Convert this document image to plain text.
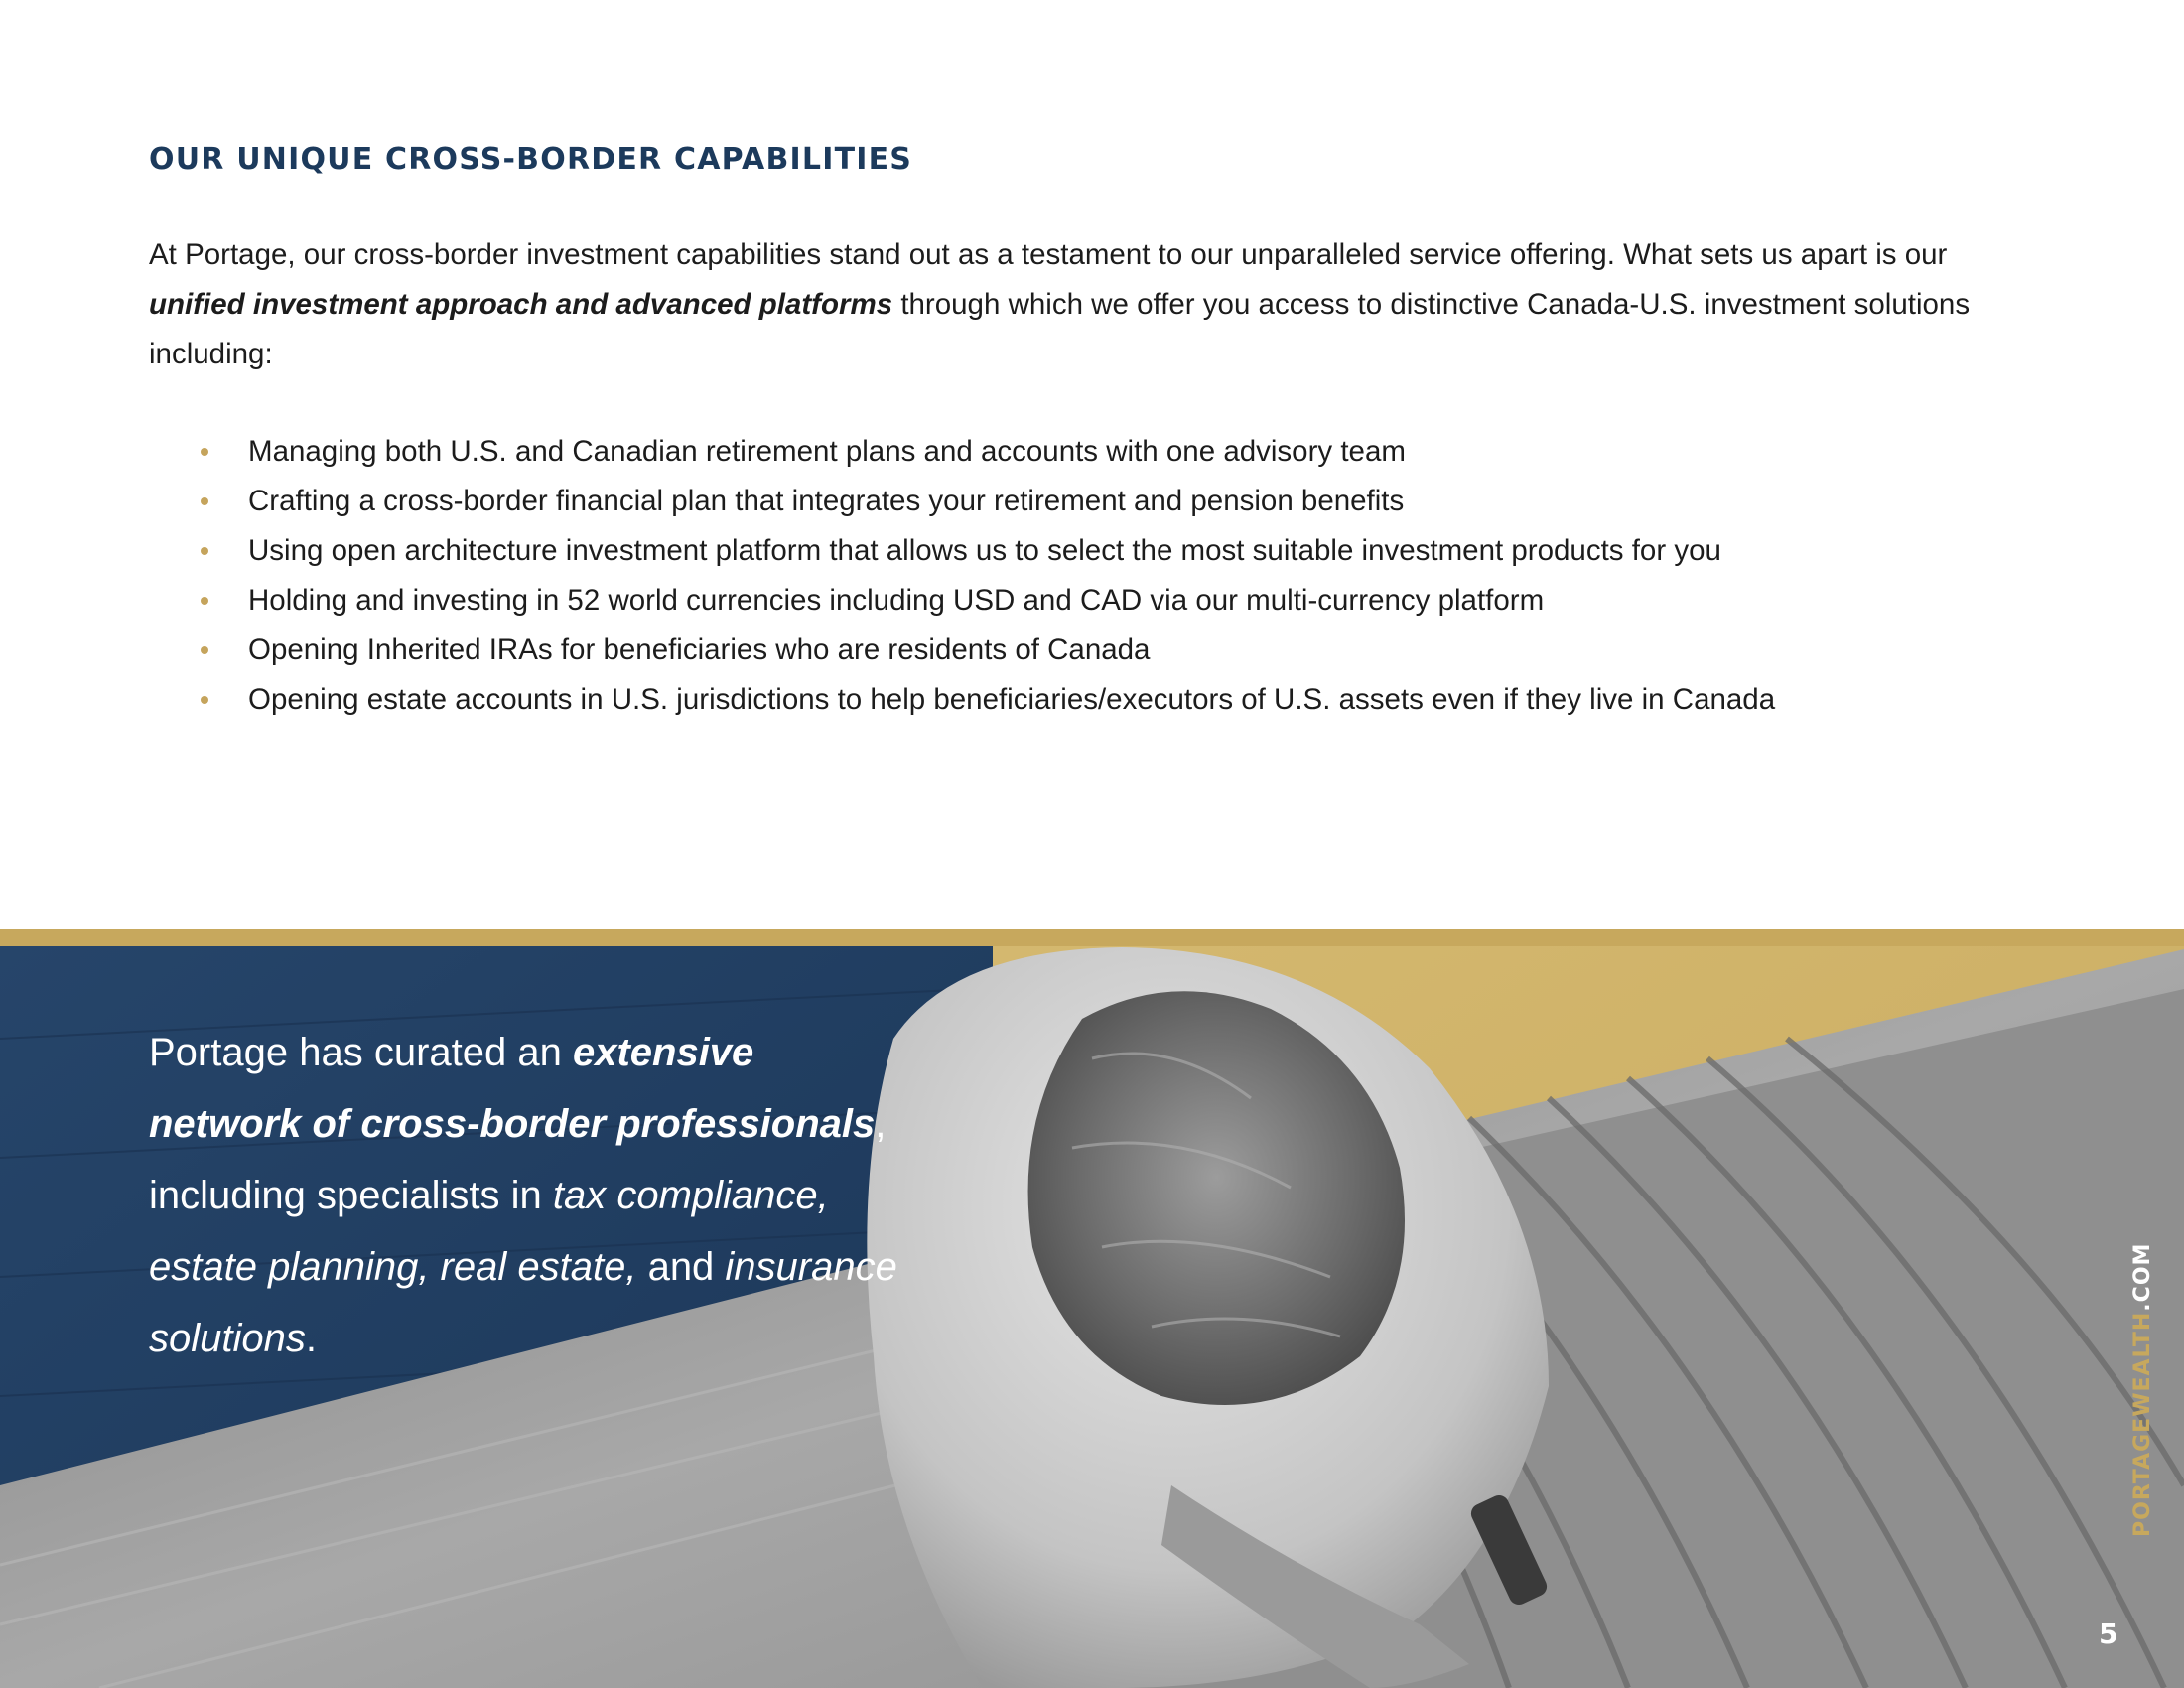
OUR UNIQUE CROSS-BORDER CAPABILITIES

At Portage, our cross-border investment capabilities stand out as a testament to our unparalleled service offering. What sets us apart is our unified investment approach and advanced platforms through which we offer you access to distinctive Canada-U.S. investment solutions including:

Managing both U.S. and Canadian retirement plans and accounts with one advisory team
Crafting a cross-border financial plan that integrates your retirement and pension benefits
Using open architecture investment platform that allows us to select the most suitable investment products for you
Holding and investing in 52 world currencies including USD and CAD via our multi-currency platform
Opening Inherited IRAs for beneficiaries who are residents of Canada
Opening estate accounts in U.S. jurisdictions to help beneficiaries/executors of U.S. assets even if they live in Canada

Portage has curated an extensive network of cross-border professionals, including specialists in tax compliance, estate planning, real estate, and insurance solutions.	PORTAGEWEALTH.COM
5
